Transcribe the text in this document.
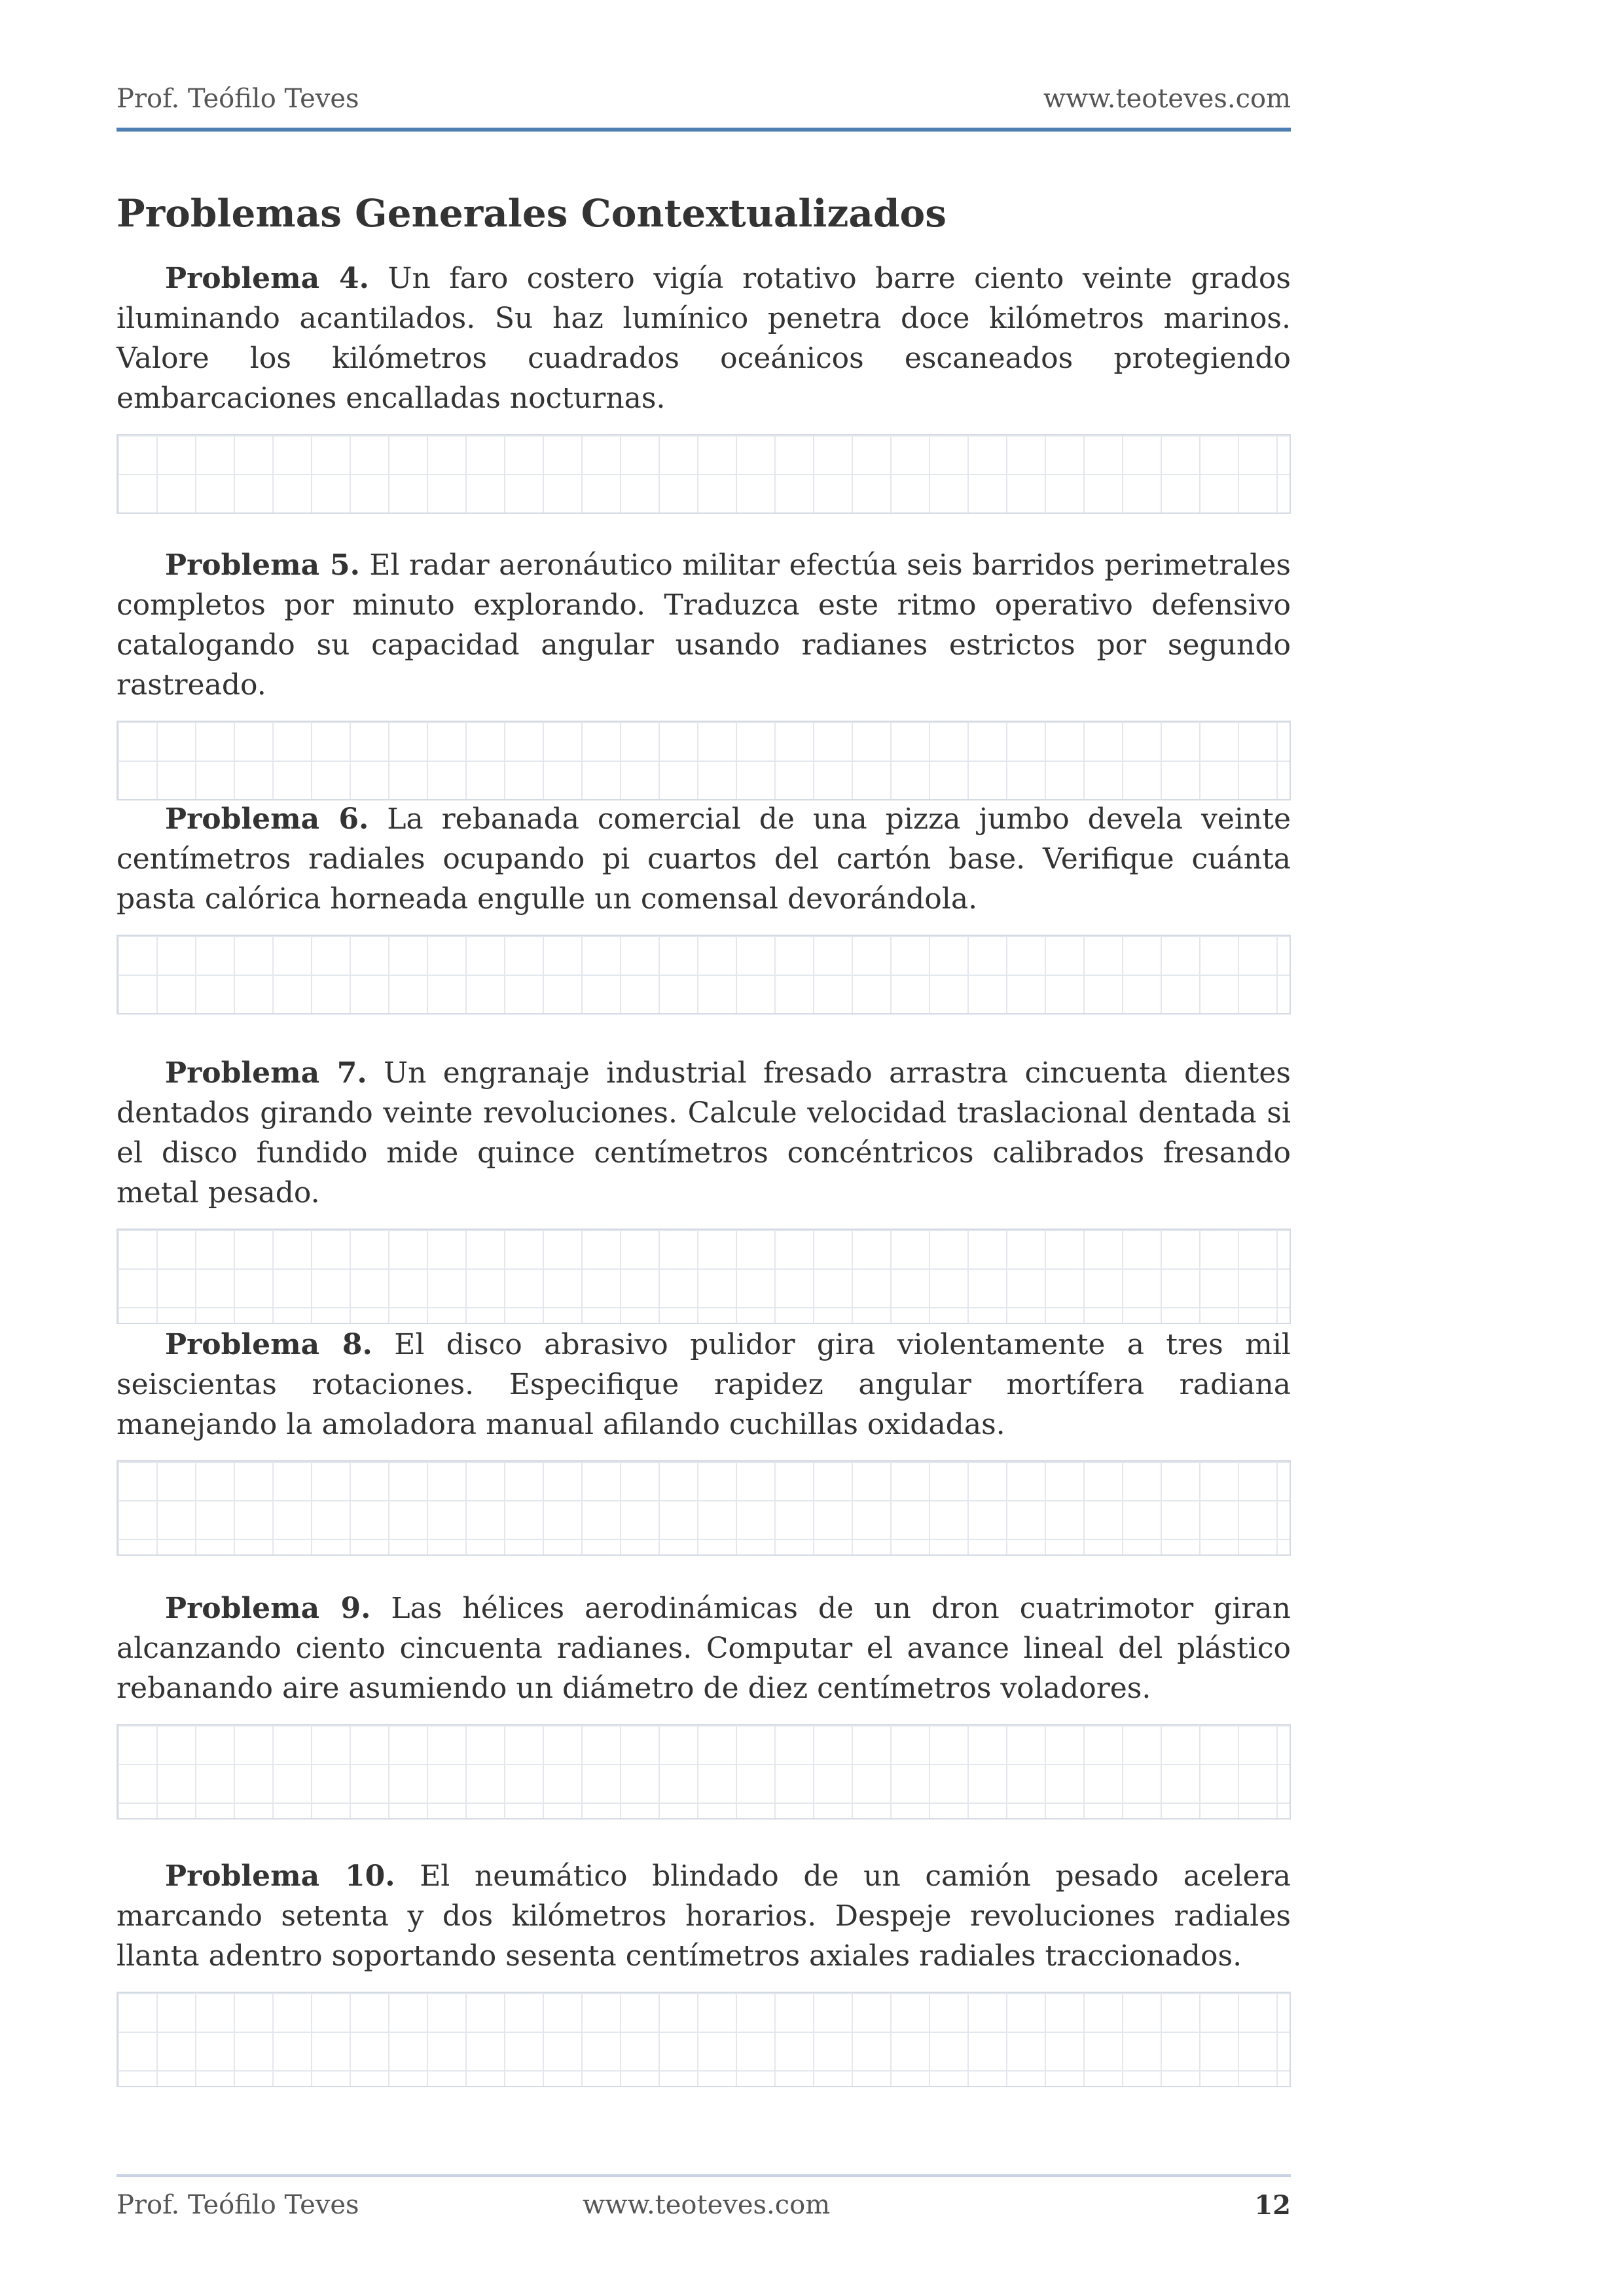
Prof. Teófilo Teves	www.teoteves.com
Problemas Generales Contextualizados

Problema 4. Un faro costero vigía rotativo barre ciento veinte grados iluminando acantilados. Su haz lumínico penetra doce kilómetros marinos. Valore los kilómetros cuadrados oceánicos escaneados protegiendo embarcaciones encalladas nocturnas.

Problema 5. El radar aeronáutico militar efectúa seis barridos perimetrales completos por minuto explorando. Traduzca este ritmo operativo defensivo catalogando su capacidad angular usando radianes estrictos por segundo rastreado.

Problema 6. La rebanada comercial de una pizza jumbo devela veinte centímetros radiales ocupando pi cuartos del cartón base. Verifique cuánta pasta calórica horneada engulle un comensal devorándola.

Problema 7. Un engranaje industrial fresado arrastra cincuenta dientes dentados girando veinte revoluciones. Calcule velocidad traslacional dentada si el disco fundido mide quince centímetros concéntricos calibrados fresando metal pesado.

Problema 8. El disco abrasivo pulidor gira violentamente a tres mil seiscientas rotaciones. Especifique rapidez angular mortífera radiana manejando la amoladora manual afilando cuchillas oxidadas.

Problema 9. Las hélices aerodinámicas de un dron cuatrimotor giran alcanzando ciento cincuenta radianes. Computar el avance lineal del plástico rebanando aire asumiendo un diámetro de diez centímetros voladores.

Problema 10. El neumático blindado de un camión pesado acelera marcando setenta y dos kilómetros horarios. Despeje revoluciones radiales llanta adentro soportando sesenta centímetros axiales radiales traccionados.

Prof. Teófilo Teves	www.teoteves.com	12
